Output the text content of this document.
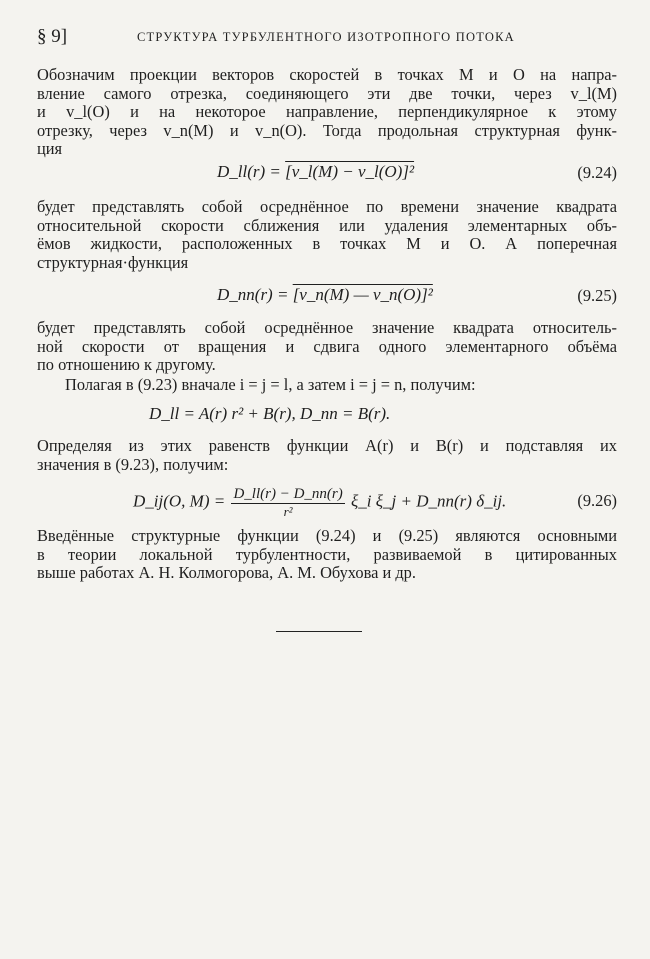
§ 9]	СТРУКТУРА ТУРБУЛЕНТНОГО ИЗОТРОПНОГО ПОТОКА
Обозначим проекции векторов скоростей в точках M и O на напра-
вление самого отрезка, соединяющего эти две точки, через v_l(M)
и v_l(O) и на некоторое направление, перпендикулярное к этому
отрезку, через v_n(M) и v_n(O). Тогда продольная структурная функ-
ция
D_ll(r) = [v_l(M) − v_l(O)]²	(9.24)
будет представлять собой осреднённое по времени значение квадрата
относительной скорости сближения или удаления элементарных объ-
ёмов жидкости, расположенных в точках M и O. А поперечная
структурная·функция
D_nn(r) = [v_n(M) — v_n(O)]²	(9.25)
будет представлять собой осреднённое значение квадрата относитель-
ной скорости от вращения и сдвига одного элементарного объёма
по отношению к другому.
Полагая в (9.23) вначале i = j = l, а затем i = j = n, получим:
D_ll = A(r) r² + B(r), D_nn = B(r).
Определяя из этих равенств функции A(r) и B(r) и подставляя их
значения в (9.23), получим:
D_ij(O, $M) = \frac{D\_ll(r) - D\_nn(r)}{\text{r²}}$ ξ_i ξ_j + D_nn(r) δ_ij.	(9.26)
Введённые структурные функции (9.24) и (9.25) являются основными
в теории локальной турбулентности, развиваемой в цитированных
выше работах А. Н. Колмогорова, А. М. Обухова и др.
